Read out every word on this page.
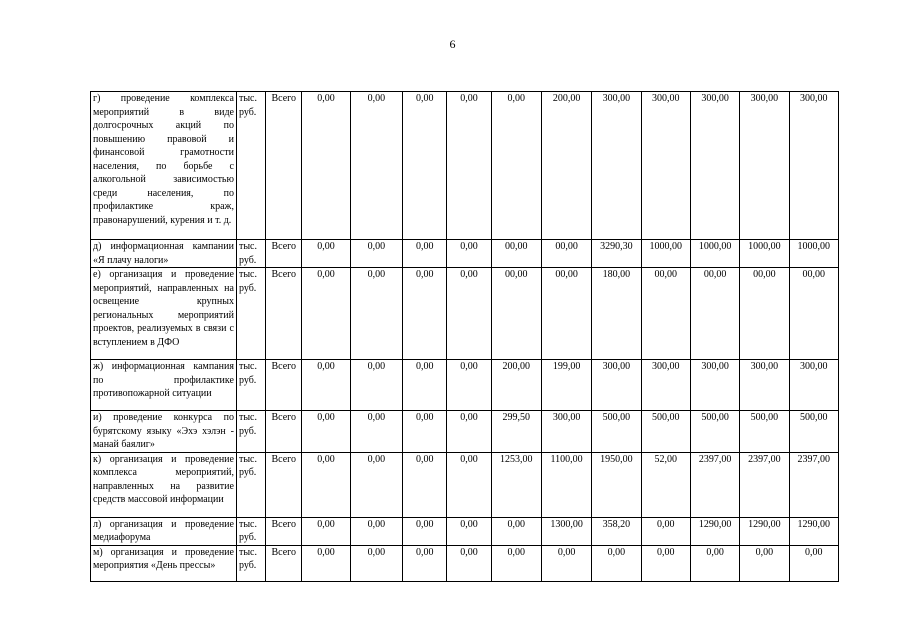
6
г) проведение комплекса мероприятий в виде долгосрочных акций по повышению правовой и финансовой грамотности населения, по борьбе с алкогольной зависимостью среди населения, по профилактике краж, правонарушений, курения и т. д.	тыс. руб.	Всего	0,00	0,00	0,00	0,00	0,00	200,00	300,00	300,00	300,00	300,00	300,00
д) информационная кампании «Я плачу налоги»	тыс. руб.	Всего	0,00	0,00	0,00	0,00	00,00	00,00	3290,30	1000,00	1000,00	1000,00	1000,00
е) организация и проведение мероприятий, направленных на освещение крупных региональных мероприятий проектов, реализуемых в связи с вступлением в ДФО	тыс. руб.	Всего	0,00	0,00	0,00	0,00	00,00	00,00	180,00	00,00	00,00	00,00	00,00
ж) информационная кампания по профилактике противопожарной ситуации	тыс. руб.	Всего	0,00	0,00	0,00	0,00	200,00	199,00	300,00	300,00	300,00	300,00	300,00
и) проведение конкурса по бурятскому языку «Эхэ хэлэн - манай баялиг»	тыс. руб.	Всего	0,00	0,00	0,00	0,00	299,50	300,00	500,00	500,00	500,00	500,00	500,00
к) организация и проведение комплекса мероприятий, направленных на развитие средств массовой информации	тыс. руб.	Всего	0,00	0,00	0,00	0,00	1253,00	1100,00	1950,00	52,00	2397,00	2397,00	2397,00
л) организация и проведение медиафорума	тыс. руб.	Всего	0,00	0,00	0,00	0,00	0,00	1300,00	358,20	0,00	1290,00	1290,00	1290,00
м) организация и проведение мероприятия «День прессы»	тыс. руб.	Всего	0,00	0,00	0,00	0,00	0,00	0,00	0,00	0,00	0,00	0,00	0,00
